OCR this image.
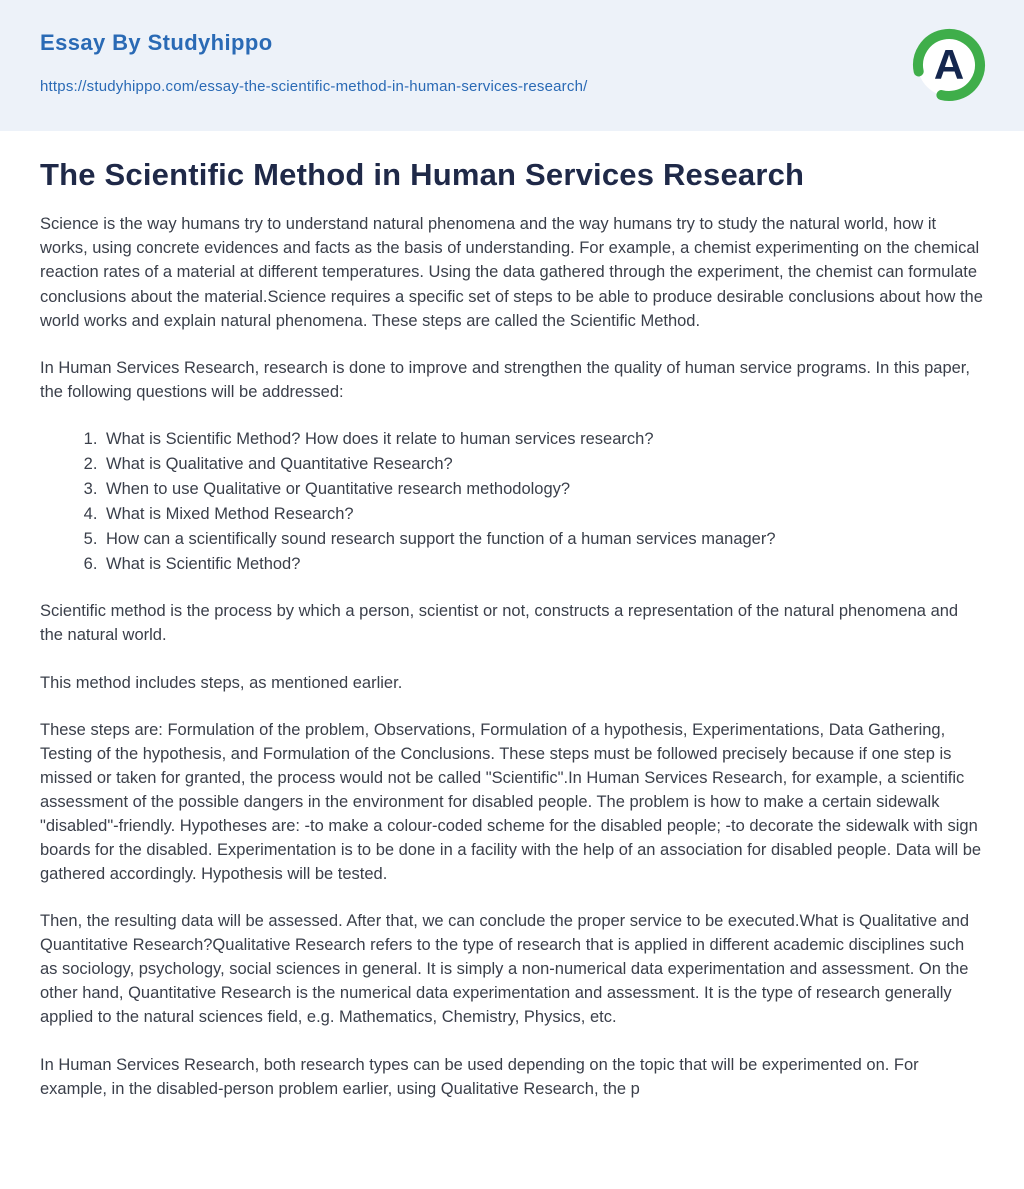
Essay By Studyhippo
https://studyhippo.com/essay-the-scientific-method-in-human-services-research/	A
The Scientific Method in Human Services Research

Science is the way humans try to understand natural phenomena and the way humans try to study the natural world, how it works, using concrete evidences and facts as the basis of understanding. For example, a chemist experimenting on the chemical reaction rates of a material at different temperatures. Using the data gathered through the experiment, the chemist can formulate conclusions about the material.Science requires a specific set of steps to be able to produce desirable conclusions about how the world works and explain natural phenomena. These steps are called the Scientific Method.

In Human Services Research, research is done to improve and strengthen the quality of human service programs. In this paper, the following questions will be addressed:

1. What is Scientific Method? How does it relate to human services research?
2. What is Qualitative and Quantitative Research?
3. When to use Qualitative or Quantitative research methodology?
4. What is Mixed Method Research?
5. How can a scientifically sound research support the function of a human services manager?
6. What is Scientific Method?

Scientific method is the process by which a person, scientist or not, constructs a representation of the natural phenomena and the natural world.

This method includes steps, as mentioned earlier.

These steps are: Formulation of the problem, Observations, Formulation of a hypothesis, Experimentations, Data Gathering, Testing of the hypothesis, and Formulation of the Conclusions. These steps must be followed precisely because if one step is missed or taken for granted, the process would not be called "Scientific".In Human Services Research, for example, a scientific assessment of the possible dangers in the environment for disabled people. The problem is how to make a certain sidewalk "disabled"-friendly. Hypotheses are: -to make a colour-coded scheme for the disabled people; -to decorate the sidewalk with sign boards for the disabled. Experimentation is to be done in a facility with the help of an association for disabled people. Data will be gathered accordingly. Hypothesis will be tested.

Then, the resulting data will be assessed. After that, we can conclude the proper service to be executed.What is Qualitative and Quantitative Research?Qualitative Research refers to the type of research that is applied in different academic disciplines such as sociology, psychology, social sciences in general. It is simply a non-numerical data experimentation and assessment. On the other hand, Quantitative Research is the numerical data experimentation and assessment. It is the type of research generally applied to the natural sciences field, e.g. Mathematics, Chemistry, Physics, etc.

In Human Services Research, both research types can be used depending on the topic that will be experimented on. For example, in the disabled-person problem earlier, using Qualitative Research, the p
